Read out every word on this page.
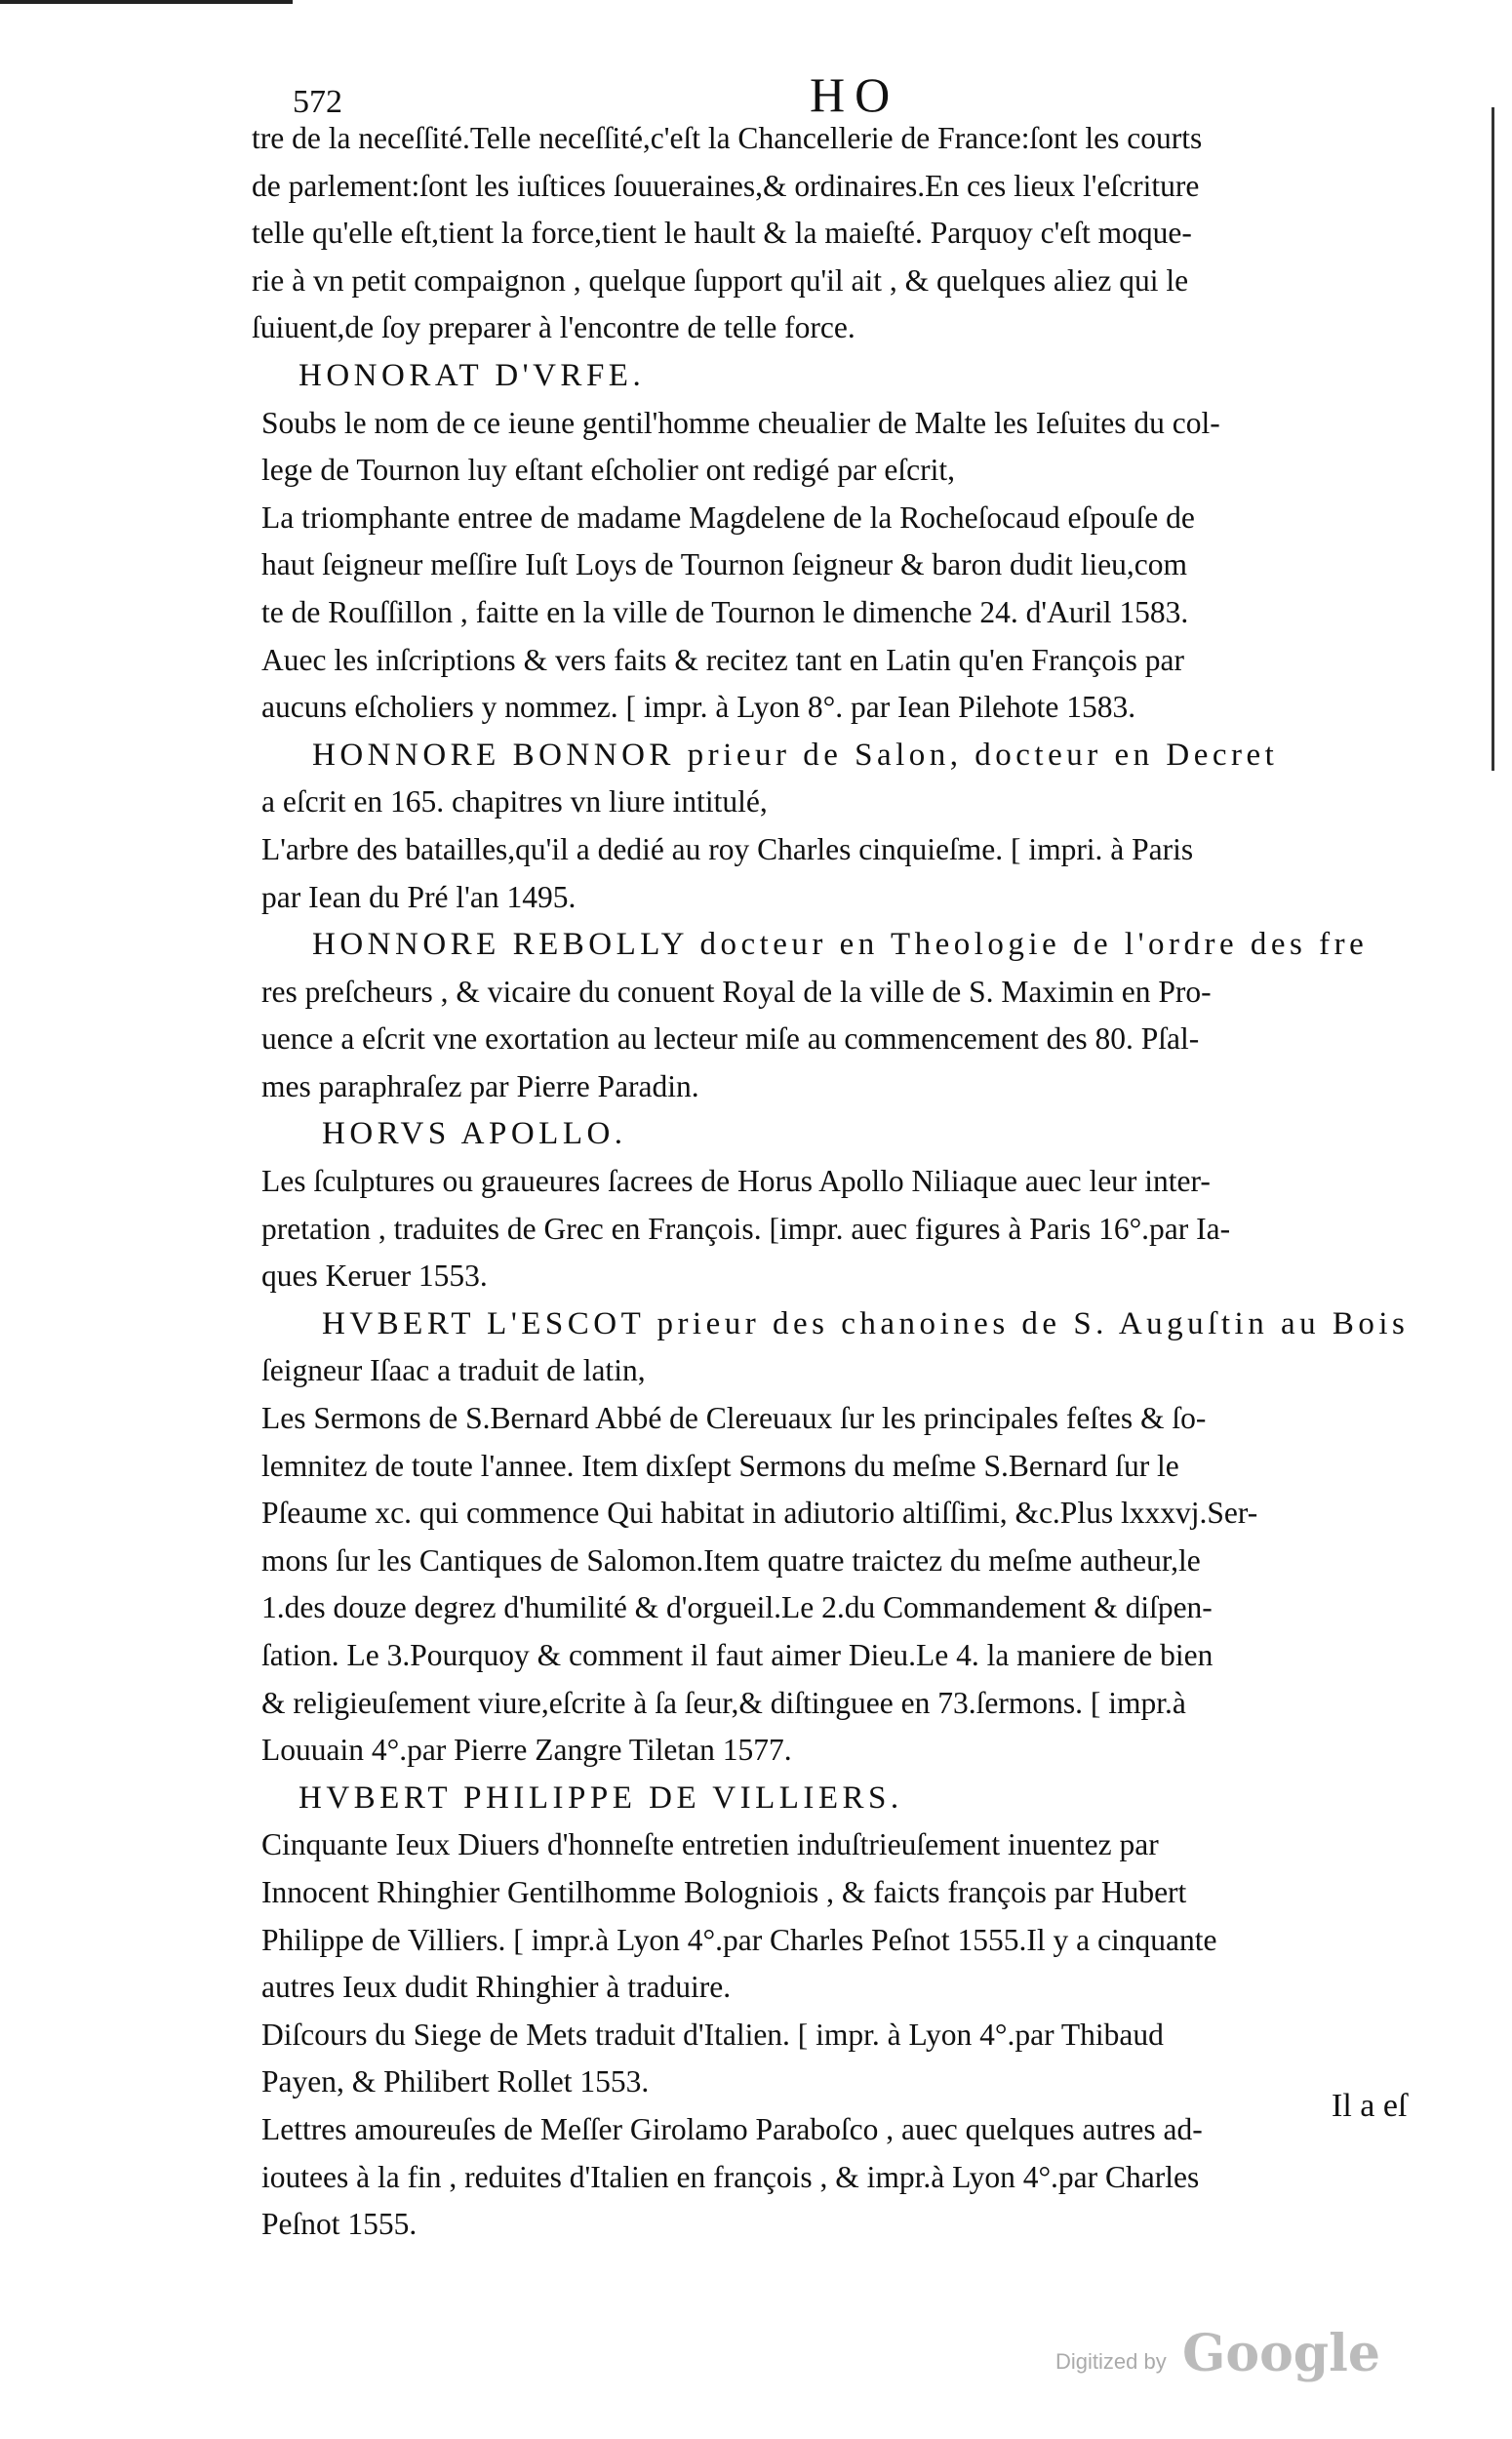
572	HO
tre de la neceſſité.Telle neceſſité,c'eſt la Chancellerie de France:ſont les courts
de parlement:ſont les iuſtices ſouueraines,& ordinaires.En ces lieux l'eſcriture
telle qu'elle eſt,tient la force,tient le hault & la maieſté. Parquoy c'eſt moque-
rie à vn petit compaignon , quelque ſupport qu'il ait , & quelques aliez qui le
ſuiuent,de ſoy preparer à l'encontre de telle force.
HONORAT D'VRFE.
Soubs le nom de ce ieune gentil'homme cheualier de Malte les Ieſuites du col-
lege de Tournon luy eſtant eſcholier ont redigé par eſcrit,
La triomphante entree de madame Magdelene de la Rocheſocaud eſpouſe de
haut ſeigneur meſſire Iuſt Loys de Tournon ſeigneur & baron dudit lieu,com
te de Rouſſillon , faitte en la ville de Tournon le dimenche 24. d'Auril 1583.
Auec les inſcriptions & vers faits & recitez tant en Latin qu'en François par
aucuns eſcholiers y nommez. [ impr. à Lyon 8°. par Iean Pilehote 1583.
HONNORE BONNOR prieur de Salon, docteur en Decret
a eſcrit en 165. chapitres vn liure intitulé,
L'arbre des batailles,qu'il a dedié au roy Charles cinquieſme. [ impri. à Paris
par Iean du Pré l'an 1495.
HONNORE REBOLLY docteur en Theologie de l'ordre des fre
res preſcheurs , & vicaire du conuent Royal de la ville de S. Maximin en Pro-
uence a eſcrit vne exortation au lecteur miſe au commencement des 80. Pſal-
mes paraphraſez par Pierre Paradin.
HORVS APOLLO.
Les ſculptures ou graueures ſacrees de Horus Apollo Niliaque auec leur inter-
pretation , traduites de Grec en François. [impr. auec figures à Paris 16°.par Ia-
ques Keruer 1553.
HVBERT L'ESCOT prieur des chanoines de S. Auguſtin au Bois
ſeigneur Iſaac a traduit de latin,
Les Sermons de S.Bernard Abbé de Clereuaux ſur les principales feſtes & ſo-
lemnitez de toute l'annee. Item dixſept Sermons du meſme S.Bernard ſur le
Pſeaume xc. qui commence Qui habitat in adiutorio altiſſimi, &c.Plus lxxxvj.Ser-
mons ſur les Cantiques de Salomon.Item quatre traictez du meſme autheur,le
1.des douze degrez d'humilité & d'orgueil.Le 2.du Commandement & diſpen-
ſation. Le 3.Pourquoy & comment il faut aimer Dieu.Le 4. la maniere de bien
& religieuſement viure,eſcrite à ſa ſeur,& diſtinguee en 73.ſermons. [ impr.à
Louuain 4°.par Pierre Zangre Tiletan 1577.
HVBERT PHILIPPE DE VILLIERS.
Cinquante Ieux Diuers d'honneſte entretien induſtrieuſement inuentez par
Innocent Rhinghier Gentilhomme Bologniois , & faicts françois par Hubert
Philippe de Villiers. [ impr.à Lyon 4°.par Charles Peſnot 1555.Il y a cinquante
autres Ieux dudit Rhinghier à traduire.
Diſcours du Siege de Mets traduit d'Italien. [ impr. à Lyon 4°.par Thibaud
Payen, & Philibert Rollet 1553.
Lettres amoureuſes de Meſſer Girolamo Paraboſco , auec quelques autres ad-
ioutees à la fin , reduites d'Italien en françois , & impr.à Lyon 4°.par Charles
Peſnot 1555.
Il a eſ
Digitized by Google
